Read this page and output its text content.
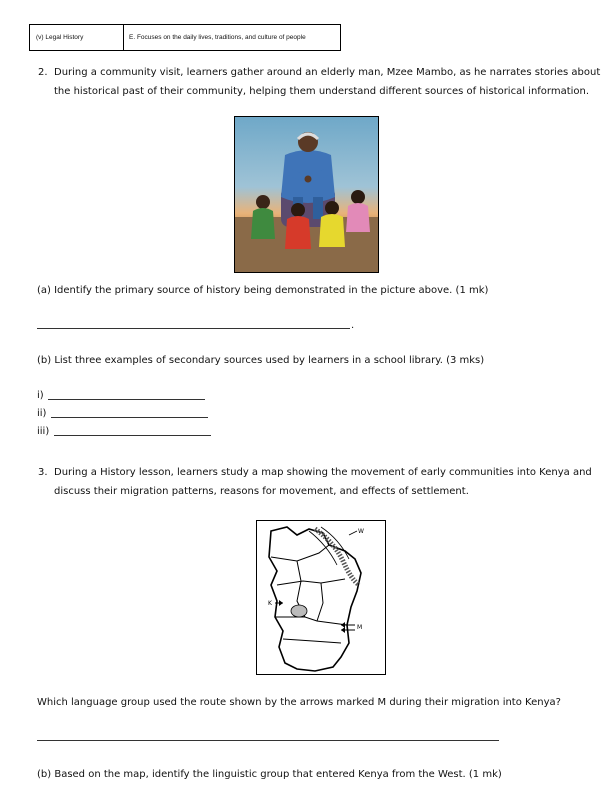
(v) Legal History	E. Focuses on the daily lives, traditions, and culture of people
2. During a community visit, learners gather around an elderly man, Mzee Mambo, as he narrates stories about the historical past of their community, helping them understand different sources of historical information.
(a) Identify the primary source of history being demonstrated in the picture above. (1 mk)
.
(b) List three examples of secondary sources used by learners in a school library. (3 mks)
i)
ii)
iii)
3. During a History lesson, learners study a map showing the movement of early communities into Kenya and discuss their migration patterns, reasons for movement, and effects of settlement.
W
K
M
Which language group used the route shown by the arrows marked M during their migration into Kenya?
(b) Based on the map, identify the linguistic group that entered Kenya from the West. (1 mk)
